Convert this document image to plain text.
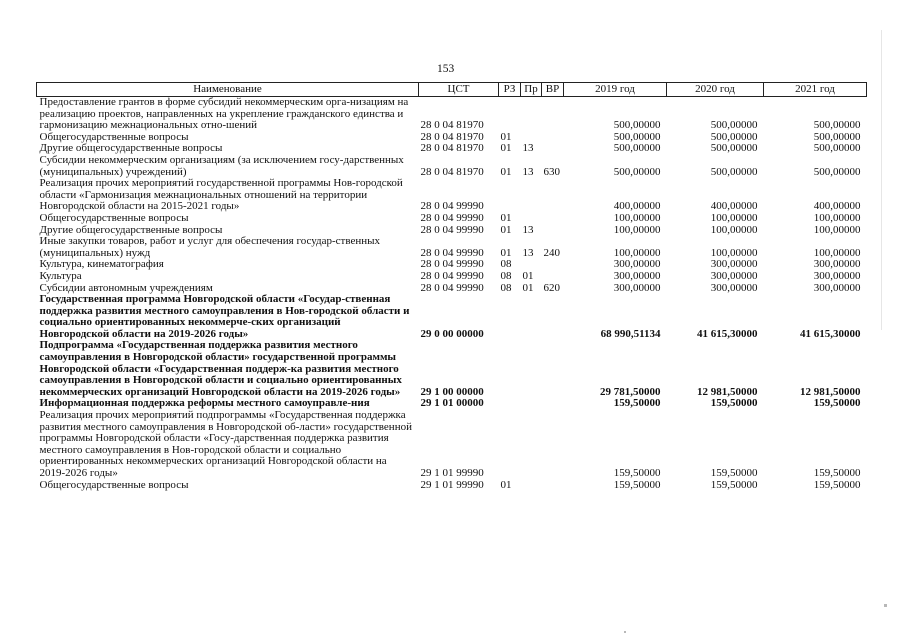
153
Наименование	ЦСТ	РЗ	Пр	ВР	2019 год	2020 год	2021 год
Предоставление грантов в форме субсидий некоммерческим орга-низациям на реализацию проектов, направленных на укрепление гражданского единства и гармонизацию межнациональных отно-шений	28 0 04 81970				500,00000	500,00000	500,00000
Общегосударственные вопросы	28 0 04 81970	01			500,00000	500,00000	500,00000
Другие общегосударственные вопросы	28 0 04 81970	01	13		500,00000	500,00000	500,00000
Субсидии некоммерческим организациям (за исключением госу-дарственных (муниципальных) учреждений)	28 0 04 81970	01	13	630	500,00000	500,00000	500,00000
Реализация прочих мероприятий государственной программы Нов-городской области «Гармонизация межнациональных отношений на территории Новгородской области на 2015-2021 годы»	28 0 04 99990				400,00000	400,00000	400,00000
Общегосударственные вопросы	28 0 04 99990	01			100,00000	100,00000	100,00000
Другие общегосударственные вопросы	28 0 04 99990	01	13		100,00000	100,00000	100,00000
Иные закупки товаров, работ и услуг для обеспечения государ-ственных (муниципальных) нужд	28 0 04 99990	01	13	240	100,00000	100,00000	100,00000
Культура, кинематография	28 0 04 99990	08			300,00000	300,00000	300,00000
Культура	28 0 04 99990	08	01		300,00000	300,00000	300,00000
Субсидии автономным учреждениям	28 0 04 99990	08	01	620	300,00000	300,00000	300,00000
Государственная программа Новгородской области «Государ-ственная поддержка развития местного самоуправления в Нов-городской области и социально ориентированных некоммерче-ских организаций Новгородской области на 2019-2026 годы»	29 0 00 00000				68 990,51134	41 615,30000	41 615,30000
Подпрограмма «Государственная поддержка развития местного самоуправления в Новгородской области» государственной программы Новгородской области «Государственная поддерж-ка развития местного самоуправления в Новгородской области и социально ориентированных некоммерческих организаций Новгородской области на 2019-2026 годы»	29 1 00 00000				29 781,50000	12 981,50000	12 981,50000
Информационная поддержка реформы местного самоуправле-ния	29 1 01 00000				159,50000	159,50000	159,50000
Реализация прочих мероприятий подпрограммы «Государственная поддержка развития местного самоуправления в Новгородской об-ласти» государственной программы Новгородской области «Госу-дарственная поддержка развития местного самоуправления в Нов-городской области и социально ориентированных некоммерческих организаций Новгородской области на 2019-2026 годы»	29 1 01 99990				159,50000	159,50000	159,50000
Общегосударственные вопросы	29 1 01 99990	01			159,50000	159,50000	159,50000
